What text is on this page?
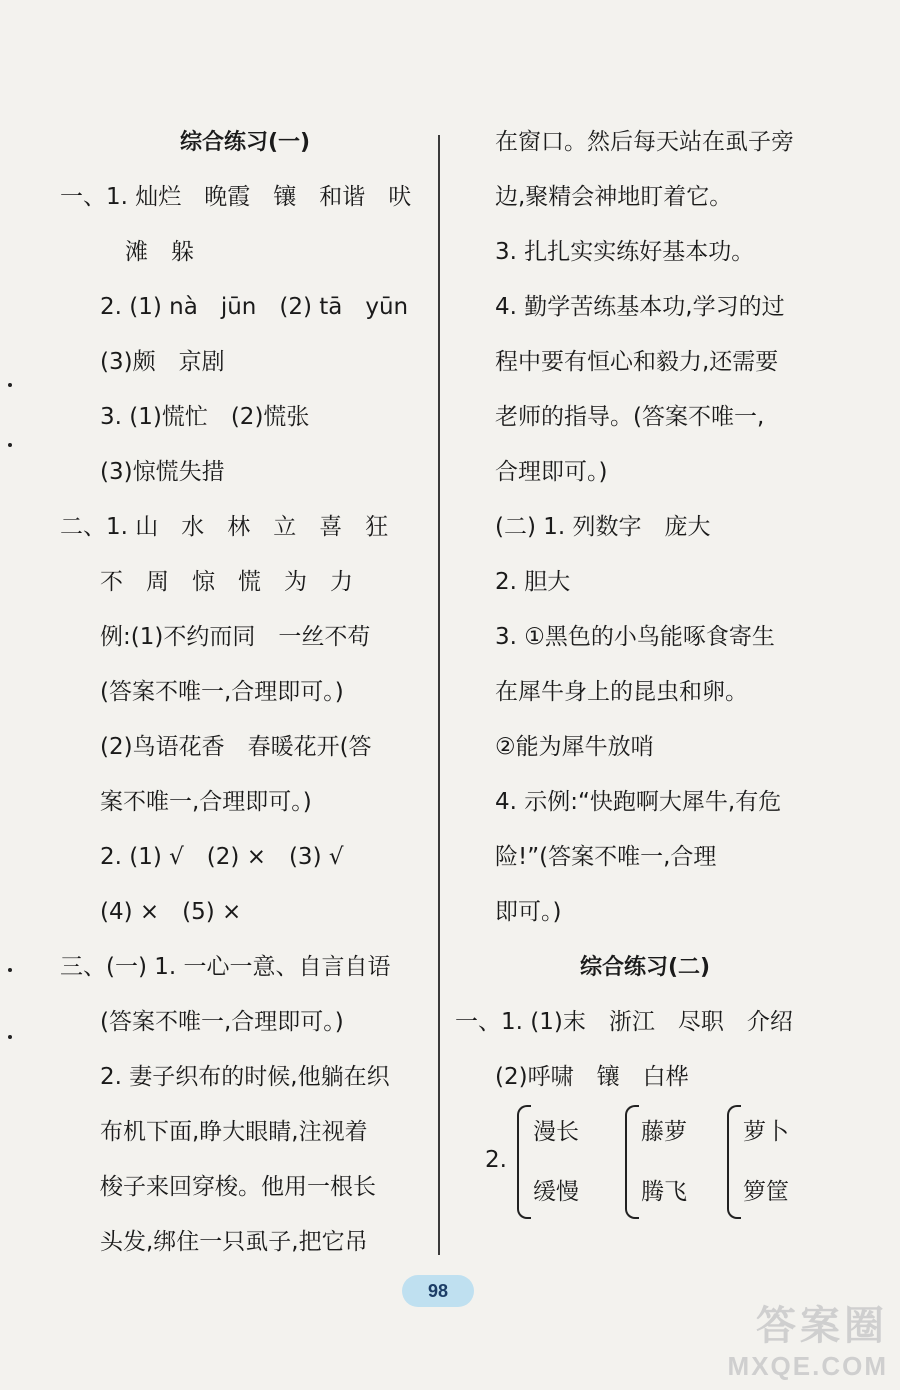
综合练习(一)
一、1. 灿烂　晚霞　镶　和谐　吠
滩　躲
2. (1) nà　jūn　(2) tā　yūn
(3)颇　京剧
3. (1)慌忙　(2)慌张
(3)惊慌失措
二、1. 山　水　林　立　喜　狂
不　周　惊　慌　为　力
例:(1)不约而同　一丝不苟
(答案不唯一,合理即可。)
(2)鸟语花香　春暖花开(答
案不唯一,合理即可。)
2. (1) √　(2) ×　(3) √
(4) ×　(5) ×
三、(一) 1. 一心一意、自言自语
(答案不唯一,合理即可。)
2. 妻子织布的时候,他躺在织
布机下面,睁大眼睛,注视着
梭子来回穿梭。他用一根长
头发,绑住一只虱子,把它吊
在窗口。然后每天站在虱子旁
边,聚精会神地盯着它。
3. 扎扎实实练好基本功。
4. 勤学苦练基本功,学习的过
程中要有恒心和毅力,还需要
老师的指导。(答案不唯一,
合理即可。)
(二) 1. 列数字　庞大
2. 胆大
3. ①黑色的小鸟能啄食寄生
在犀牛身上的昆虫和卵。
②能为犀牛放哨
4. 示例:“快跑啊大犀牛,有危
险!”(答案不唯一,合理
即可。)
综合练习(二)
一、1. (1)末　浙江　尽职　介绍
(2)呼啸　镶　白桦
2.
漫长
缓慢
藤萝
腾飞
萝卜
箩筐
98
答案圈
MXQE.COM
